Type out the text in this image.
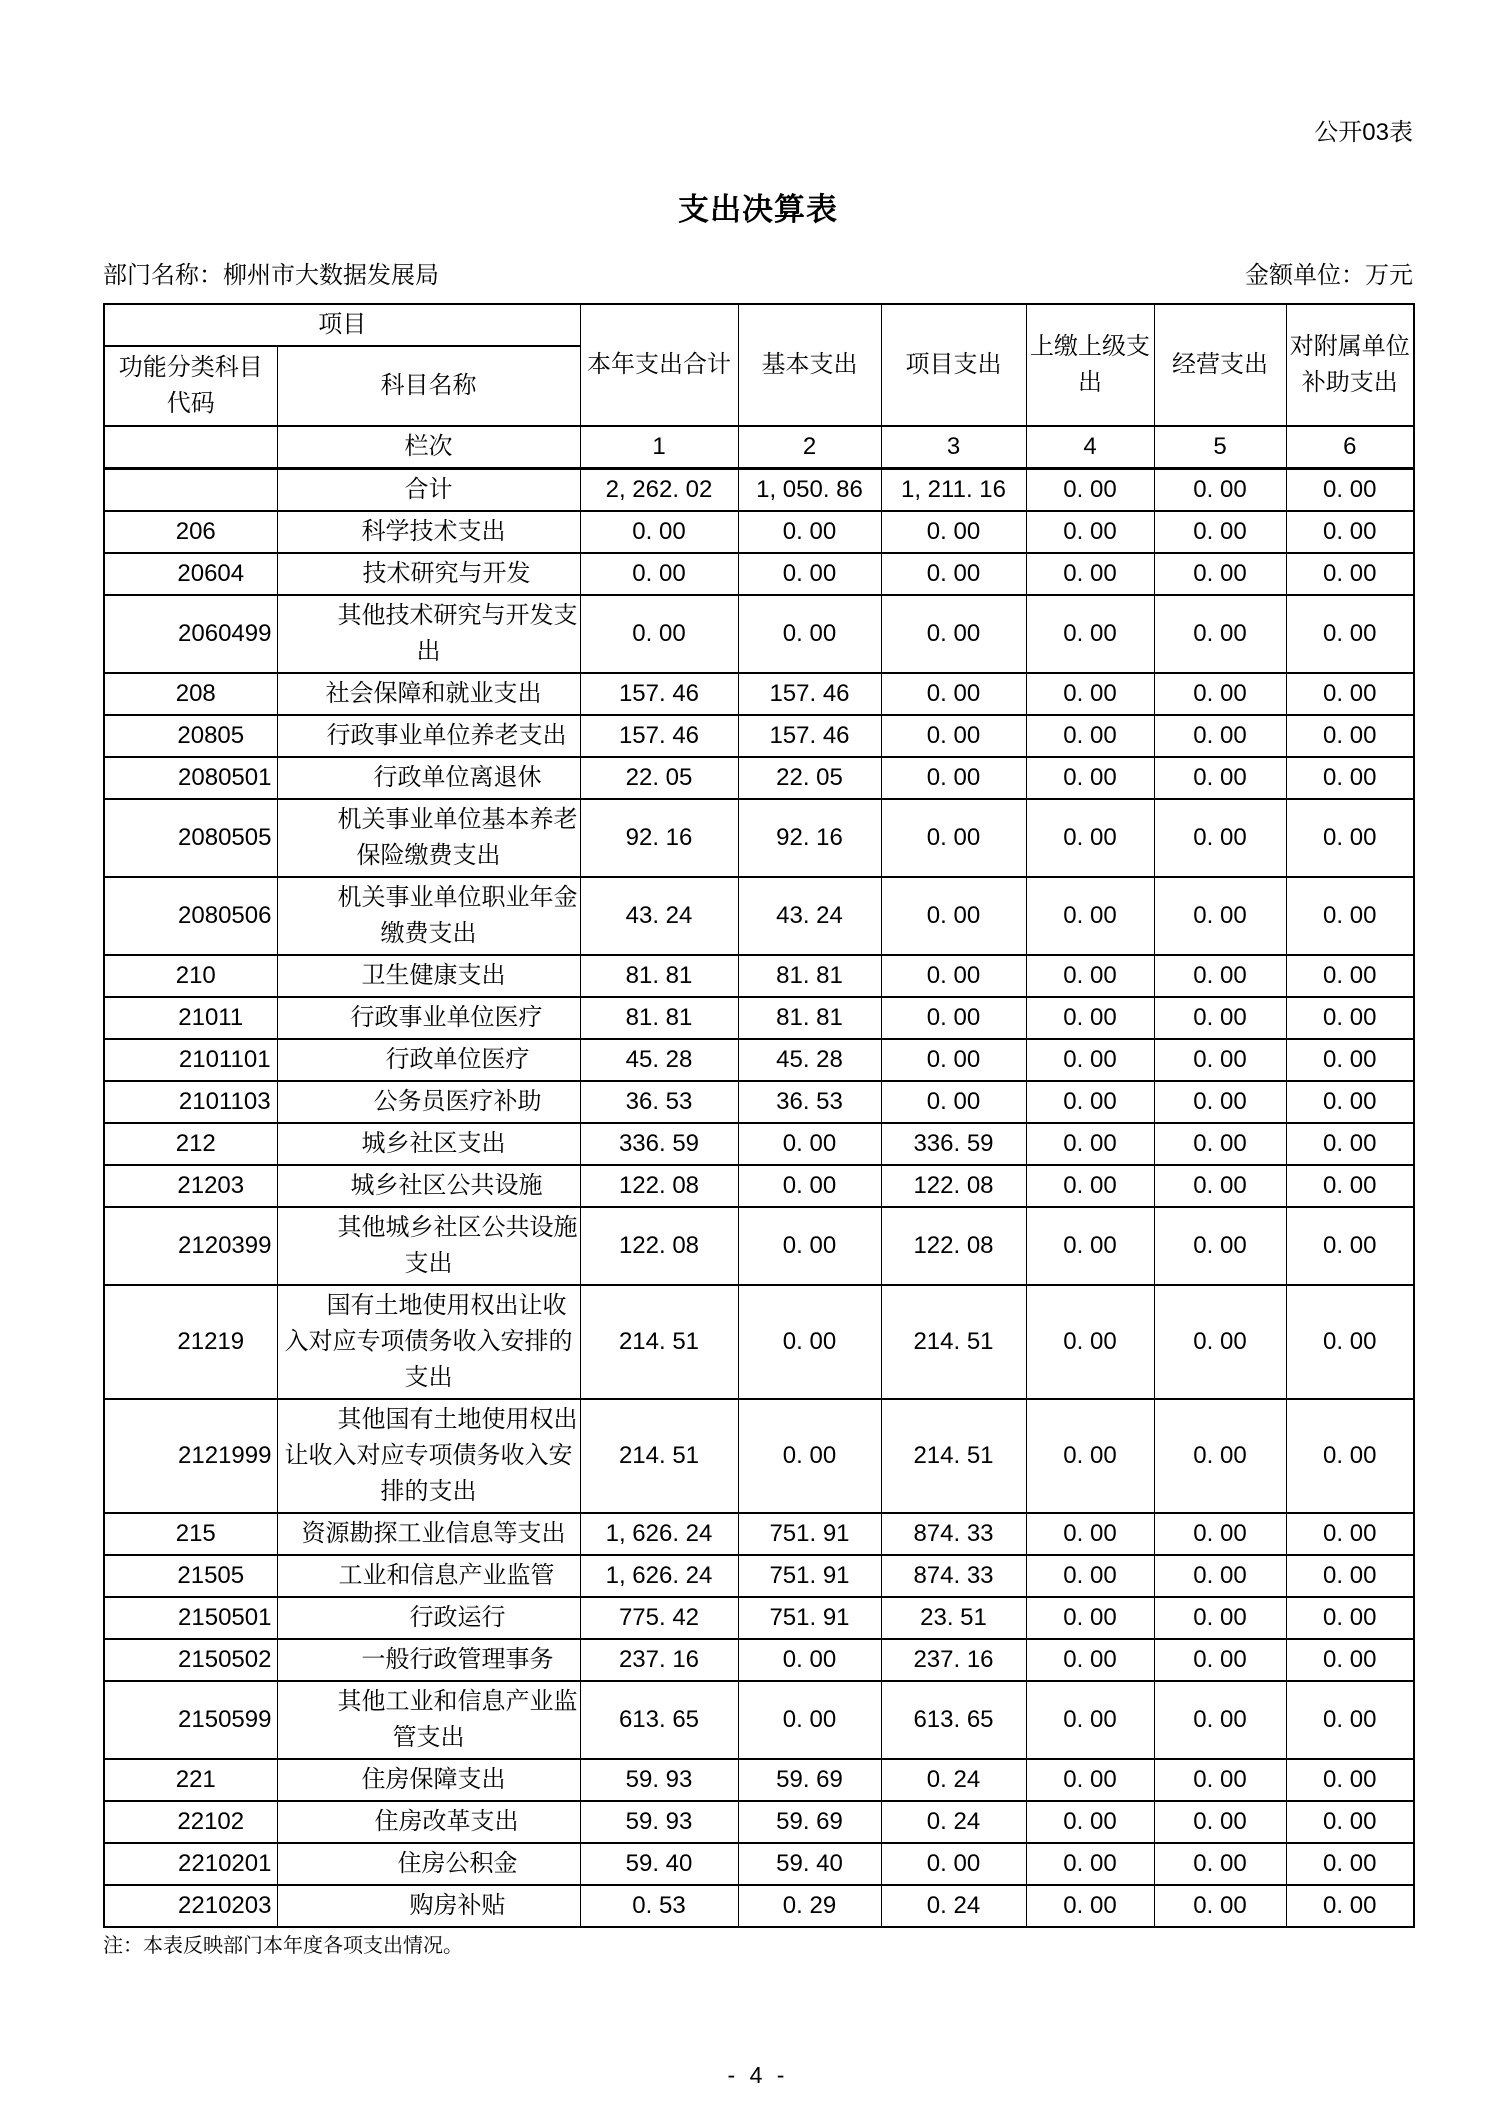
公开03表
支出决算表
部门名称：柳州市大数据发展局	金额单位：万元
项目		本年支出合计	基本支出	项目支出	上缴上级支出	经营支出	对附属单位补助支出
功能分类科目代码	科目名称						
	栏次	1	2	3	4	5	6
	合计	2, 262. 02	1, 050. 86	1, 211. 16	0. 00	0. 00	0. 00
206	科学技术支出	0. 00	0. 00	0. 00	0. 00	0. 00	0. 00
20604	技术研究与开发	0. 00	0. 00	0. 00	0. 00	0. 00	0. 00
2060499	其他技术研究与开发支出	0. 00	0. 00	0. 00	0. 00	0. 00	0. 00
208	社会保障和就业支出	157. 46	157. 46	0. 00	0. 00	0. 00	0. 00
20805	行政事业单位养老支出	157. 46	157. 46	0. 00	0. 00	0. 00	0. 00
2080501	行政单位离退休	22. 05	22. 05	0. 00	0. 00	0. 00	0. 00
2080505	机关事业单位基本养老保险缴费支出	92. 16	92. 16	0. 00	0. 00	0. 00	0. 00
2080506	机关事业单位职业年金缴费支出	43. 24	43. 24	0. 00	0. 00	0. 00	0. 00
210	卫生健康支出	81. 81	81. 81	0. 00	0. 00	0. 00	0. 00
21011	行政事业单位医疗	81. 81	81. 81	0. 00	0. 00	0. 00	0. 00
2101101	行政单位医疗	45. 28	45. 28	0. 00	0. 00	0. 00	0. 00
2101103	公务员医疗补助	36. 53	36. 53	0. 00	0. 00	0. 00	0. 00
212	城乡社区支出	336. 59	0. 00	336. 59	0. 00	0. 00	0. 00
21203	城乡社区公共设施	122. 08	0. 00	122. 08	0. 00	0. 00	0. 00
2120399	其他城乡社区公共设施支出	122. 08	0. 00	122. 08	0. 00	0. 00	0. 00
21219	国有土地使用权出让收入对应专项债务收入安排的支出	214. 51	0. 00	214. 51	0. 00	0. 00	0. 00
2121999	其他国有土地使用权出让收入对应专项债务收入安排的支出	214. 51	0. 00	214. 51	0. 00	0. 00	0. 00
215	资源勘探工业信息等支出	1, 626. 24	751. 91	874. 33	0. 00	0. 00	0. 00
21505	工业和信息产业监管	1, 626. 24	751. 91	874. 33	0. 00	0. 00	0. 00
2150501	行政运行	775. 42	751. 91	23. 51	0. 00	0. 00	0. 00
2150502	一般行政管理事务	237. 16	0. 00	237. 16	0. 00	0. 00	0. 00
2150599	其他工业和信息产业监管支出	613. 65	0. 00	613. 65	0. 00	0. 00	0. 00
221	住房保障支出	59. 93	59. 69	0. 24	0. 00	0. 00	0. 00
22102	住房改革支出	59. 93	59. 69	0. 24	0. 00	0. 00	0. 00
2210201	住房公积金	59. 40	59. 40	0. 00	0. 00	0. 00	0. 00
2210203	购房补贴	0. 53	0. 29	0. 24	0. 00	0. 00	0. 00
注：本表反映部门本年度各项支出情况。
- 4 -
